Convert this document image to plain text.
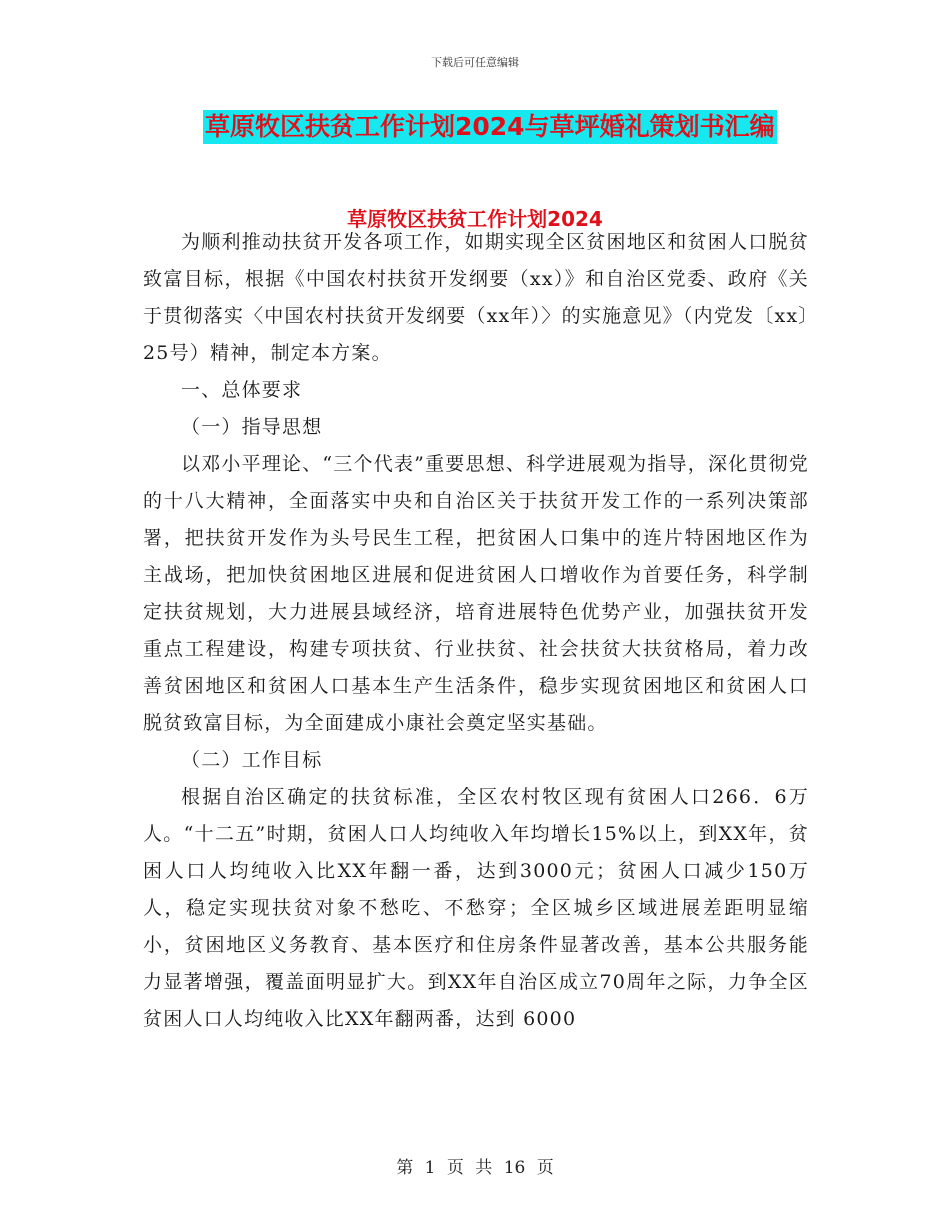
下载后可任意编辑
草原牧区扶贫工作计划2024与草坪婚礼策划书汇编
草原牧区扶贫工作计划2024

为顺利推动扶贫开发各项工作，如期实现全区贫困地区和贫困人口脱贫致富目标，根据《中国农村扶贫开发纲要（xx）》和自治区党委、政府《关于贯彻落实〈中国农村扶贫开发纲要（xx年）〉的实施意见》（内党发〔xx〕25号）精神，制定本方案。

一、总体要求

（一）指导思想

以邓小平理论、“三个代表”重要思想、科学进展观为指导，深化贯彻党的十八大精神，全面落实中央和自治区关于扶贫开发工作的一系列决策部署，把扶贫开发作为头号民生工程，把贫困人口集中的连片特困地区作为主战场，把加快贫困地区进展和促进贫困人口增收作为首要任务，科学制定扶贫规划，大力进展县域经济，培育进展特色优势产业，加强扶贫开发重点工程建设，构建专项扶贫、行业扶贫、社会扶贫大扶贫格局，着力改善贫困地区和贫困人口基本生产生活条件，稳步实现贫困地区和贫困人口脱贫致富目标，为全面建成小康社会奠定坚实基础。

（二）工作目标

根据自治区确定的扶贫标准，全区农村牧区现有贫困人口266．6万人。“十二五”时期，贫困人口人均纯收入年均增长15%以上，到XX年，贫困人口人均纯收入比XX年翻一番，达到3000元；贫困人口减少150万人，稳定实现扶贫对象不愁吃、不愁穿；全区城乡区域进展差距明显缩小，贫困地区义务教育、基本医疗和住房条件显著改善，基本公共服务能力显著增强，覆盖面明显扩大。到XX年自治区成立70周年之际，力争全区贫困人口人均纯收入比XX年翻两番，达到 6000

第 1 页 共 16 页
